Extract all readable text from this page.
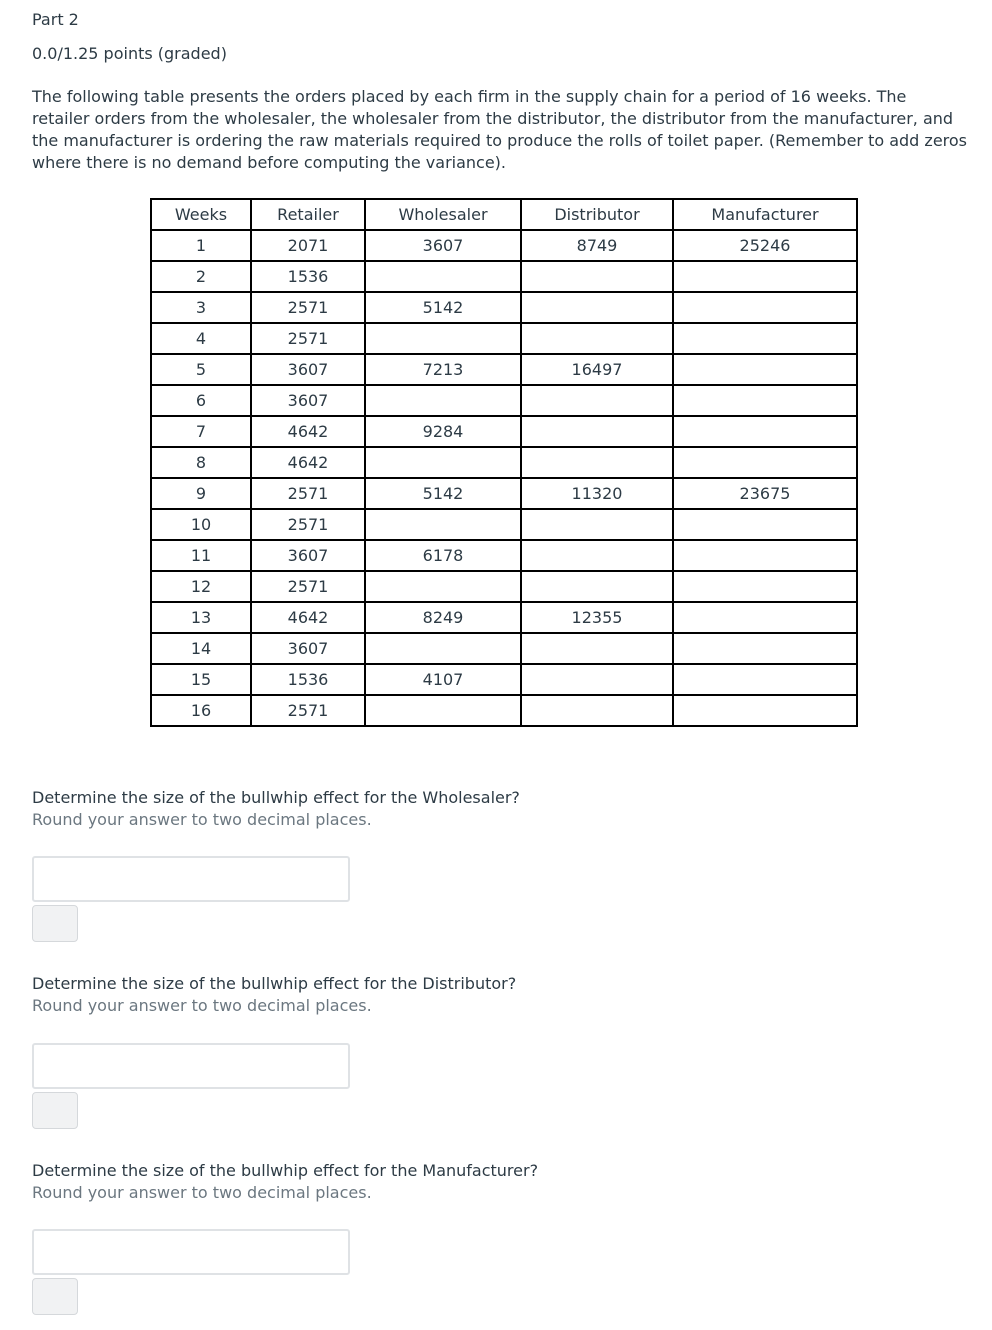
Part 2
0.0/1.25 points (graded)
The following table presents the orders placed by each firm in the supply chain for a period of 16 weeks. The retailer orders from the wholesaler, the wholesaler from the distributor, the distributor from the manufacturer, and the manufacturer is ordering the raw materials required to produce the rolls of toilet paper. (Remember to add zeros where there is no demand before computing the variance).
Weeks	Retailer	Wholesaler	Distributor	Manufacturer
1	2071	3607	8749	25246
2	1536			
3	2571	5142		
4	2571			
5	3607	7213	16497	
6	3607			
7	4642	9284		
8	4642			
9	2571	5142	11320	23675
10	2571			
11	3607	6178		
12	2571			
13	4642	8249	12355	
14	3607			
15	1536	4107		
16	2571			
Determine the size of the bullwhip effect for the Wholesaler?
Round your answer to two decimal places.
Determine the size of the bullwhip effect for the Distributor?
Round your answer to two decimal places.
Determine the size of the bullwhip effect for the Manufacturer?
Round your answer to two decimal places.
